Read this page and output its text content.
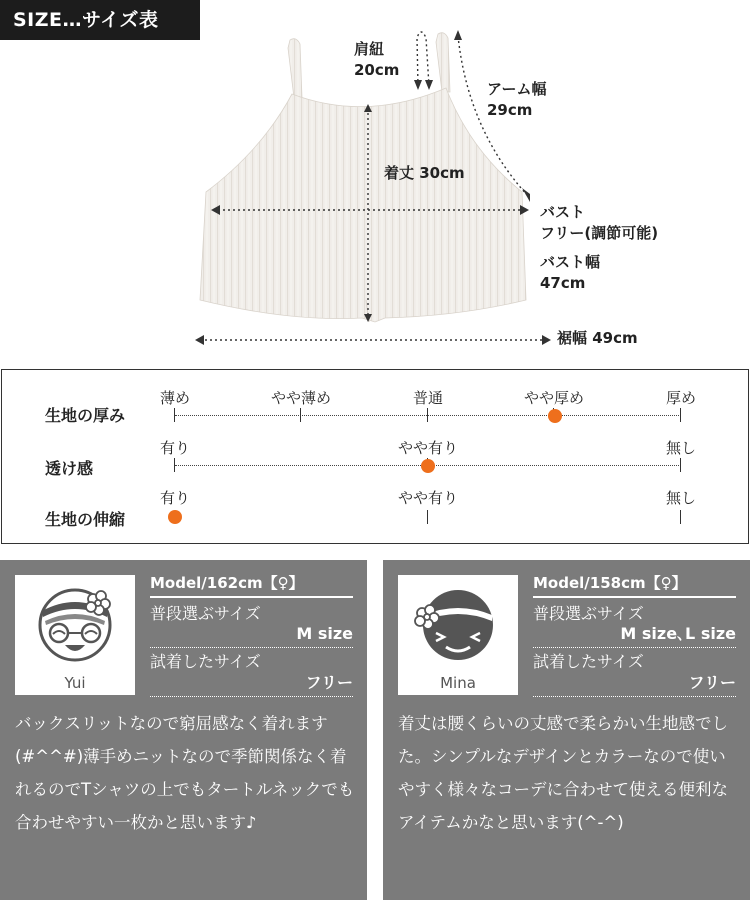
SIZE…サイズ表
肩紐
20cm
アーム幅
29cm
着丈 30cm
バスト
フリー(調節可能)
バスト幅
47cm
裾幅 49cm
生地の厚み
薄め	やや薄め	普通	やや厚め	厚め
透け感
有り	やや有り	無し
生地の伸縮
有り	やや有り	無し
Yui
Model/162cm【♀】
普段選ぶサイズ
M size
試着したサイズ
フリー
バックスリットなので窮屈感なく着れます(#^^#)薄手めニットなので季節関係なく着れるのでTシャツの上でもタートルネックでも合わせやすい一枚かと思います♪
Mina
Model/158cm【♀】
普段選ぶサイズ
M size､L size
試着したサイズ
フリー
着丈は腰くらいの丈感で柔らかい生地感でした。シンプルなデザインとカラーなので使いやすく様々なコーデに合わせて使える便利なアイテムかなと思います(^-^)
